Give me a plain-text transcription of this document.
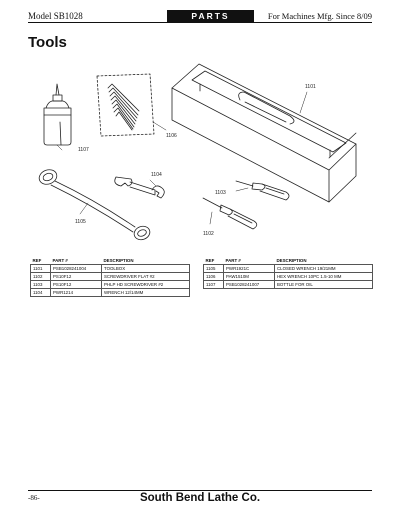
Model SB1028	PARTS	For Machines Mfg. Since 8/09
Tools
1107
1106
1101
1105
1104
1103
1102
REF	PART #	DESCRIPTION
1101	PSB1028241004	TOOLBOX
1102	PS10F12	SCREWDRIVER FLAT #2
1103	PS10F12	PHLP HD SCREWDRIVER #2
1104	PWR1214	WRENCH 12/14MM
REF	PART #	DESCRIPTION
1105	PWR1921C	CLOSED WRENCH 19/21MM
1106	PAW1510M	HEX WRENCH 10PC 1.5-10 MM
1107	PSB1028241007	BOTTLE FOR OIL
-86-	South Bend Lathe Co.
